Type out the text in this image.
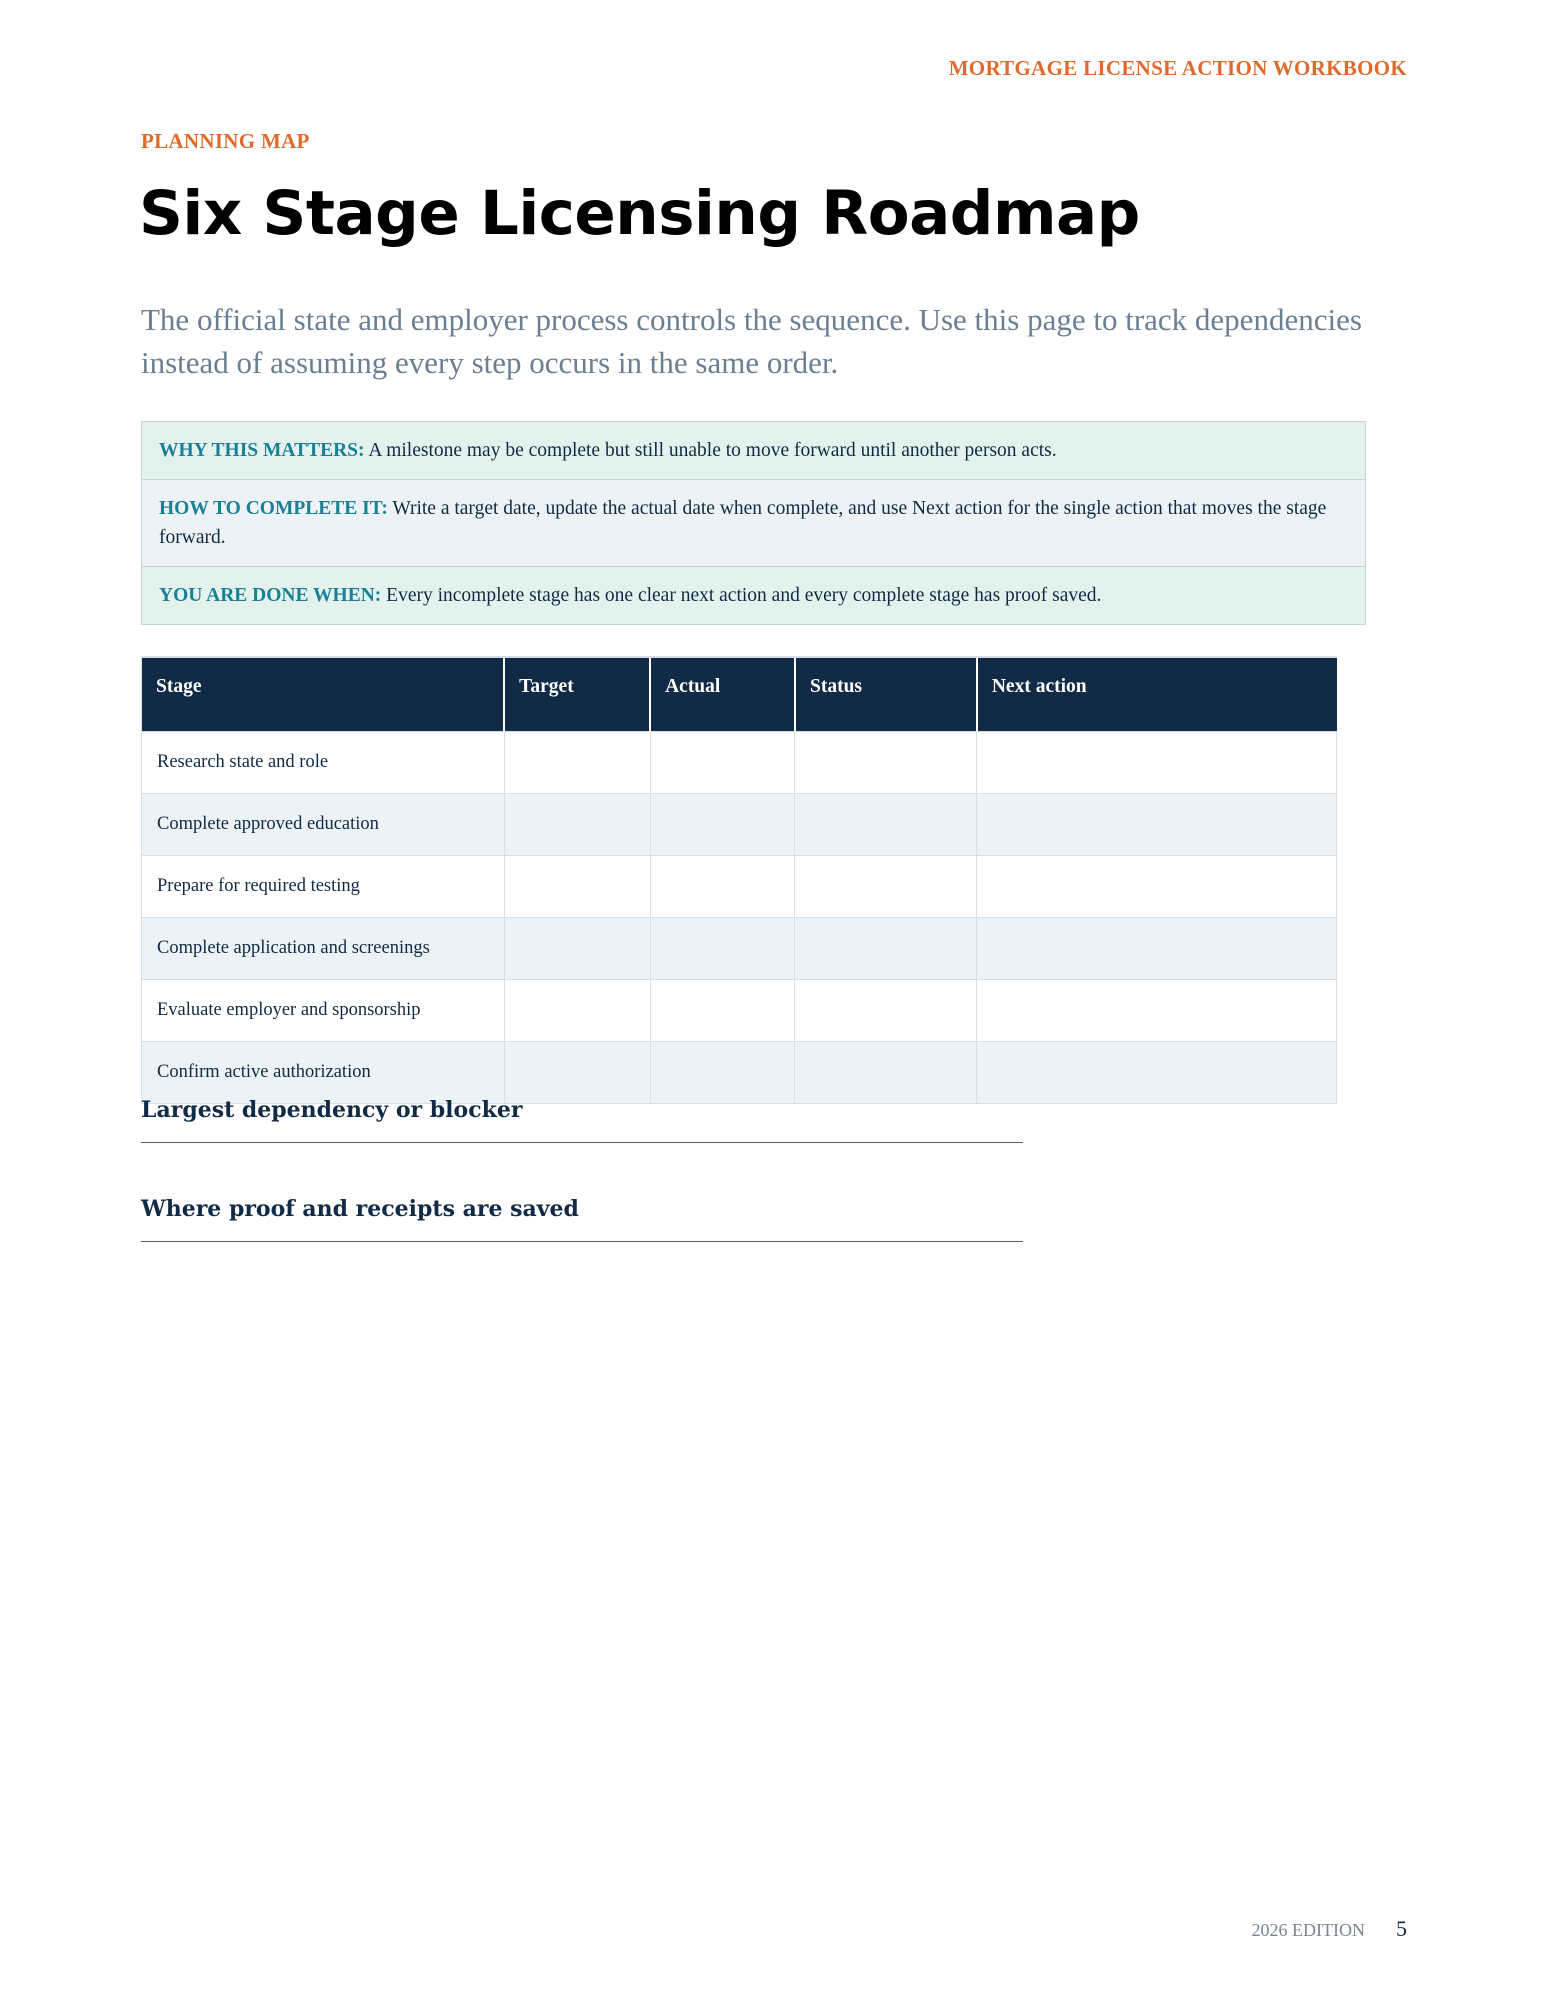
MORTGAGE LICENSE ACTION WORKBOOK
PLANNING MAP
Six Stage Licensing Roadmap
The official state and employer process controls the sequence. Use this page to track dependencies instead of assuming every step occurs in the same order.
WHY THIS MATTERS: A milestone may be complete but still unable to move forward until another person acts.
HOW TO COMPLETE IT: Write a target date, update the actual date when complete, and use Next action for the single action that moves the stage forward.
YOU ARE DONE WHEN: Every incomplete stage has one clear next action and every complete stage has proof saved.
Stage	Target	Actual	Status	Next action
Research state and role				
Complete approved education				
Prepare for required testing				
Complete application and screenings				
Evaluate employer and sponsorship				
Confirm active authorization				
Largest dependency or blocker
Where proof and receipts are saved
2026 EDITION 5
